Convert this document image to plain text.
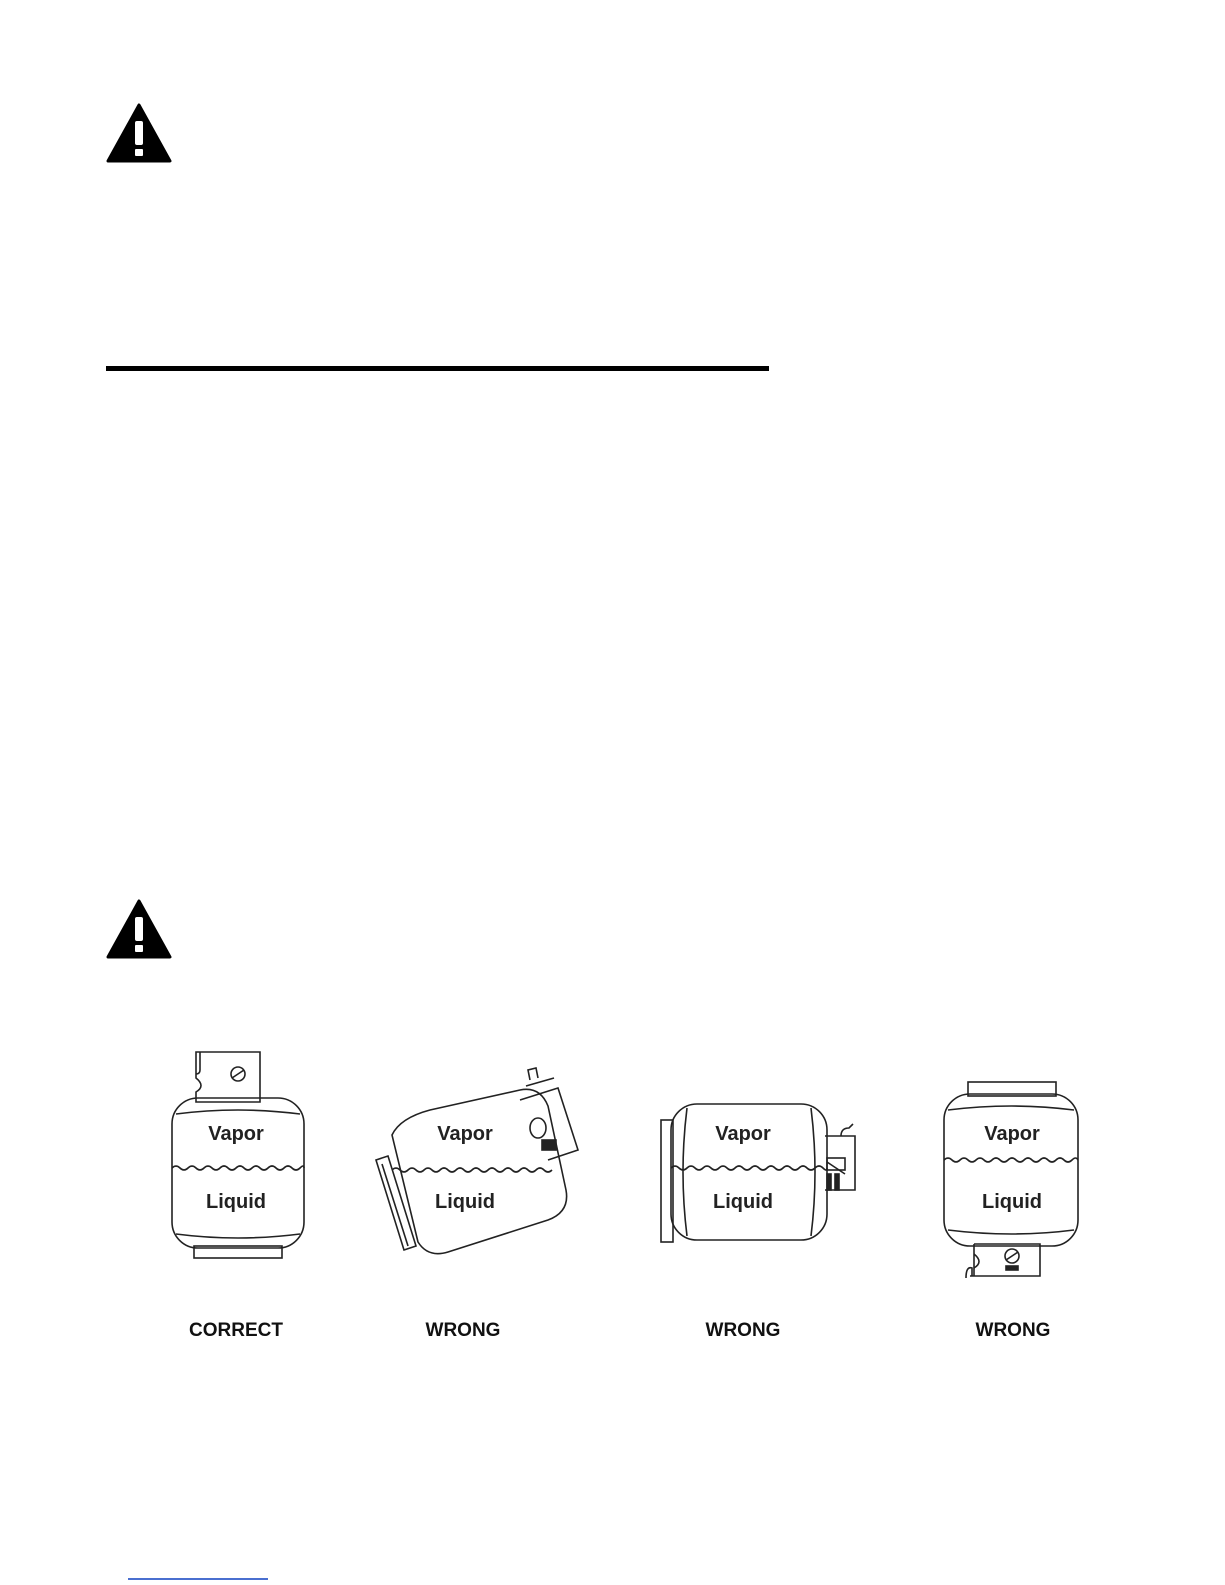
Vapor
Liquid
CORRECT
Vapor
Liquid
WRONG
Vapor
Liquid
WRONG
Vapor
Liquid
WRONG
